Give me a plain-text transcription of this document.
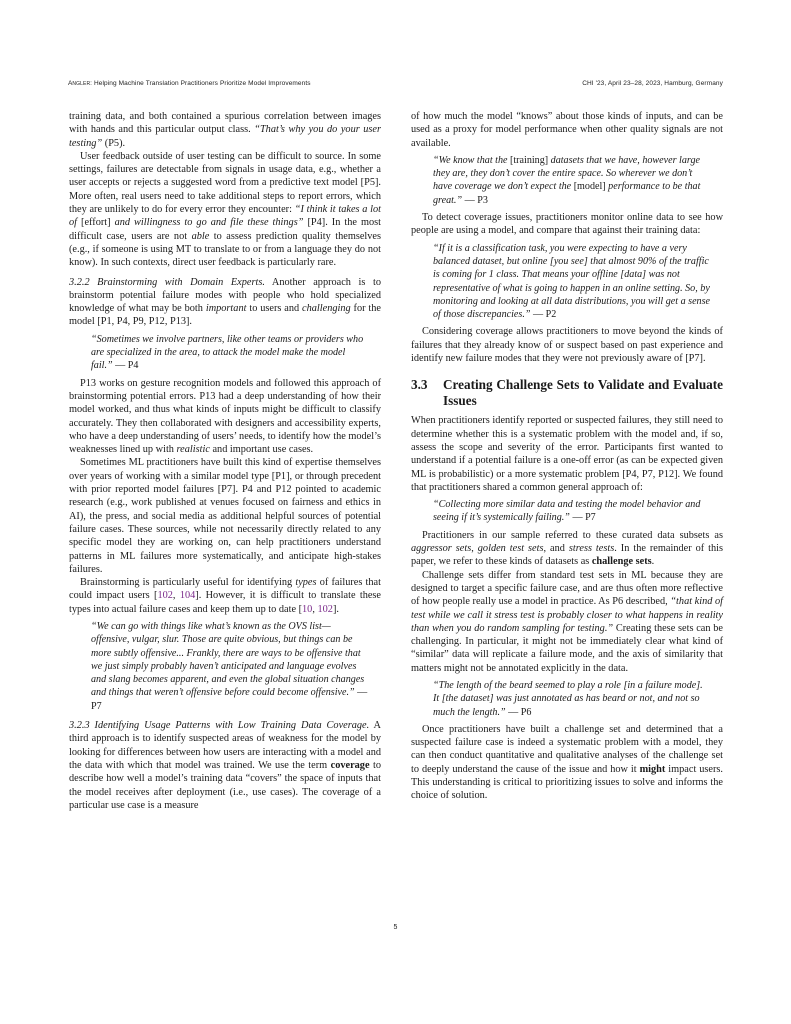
Angler: Helping Machine Translation Practitioners Prioritize Model Improvements	CHI '23, April 23–28, 2023, Hamburg, Germany

training data, and both contained a spurious correlation between images with hands and this particular output class. “That’s why you do your user testing” (P5).

User feedback outside of user testing can be difficult to source. In some settings, failures are detectable from signals in usage data, e.g., whether a user accepts or rejects a suggested word from a predictive text model [P5]. More often, real users need to take additional steps to report errors, which they are unlikely to do for every error they encounter: “I think it takes a lot of [effort] and willingness to go and file these things” [P4]. In the most difficult case, users are not able to assess prediction quality themselves (e.g., if someone is using MT to translate to or from a language they do not know). In such contexts, direct user feedback is particularly rare.

3.2.2 Brainstorming with Domain Experts. Another approach is to brainstorm potential failure modes with people who hold specialized knowledge of what may be both important to users and challenging for the model [P1, P4, P9, P12, P13].

“Sometimes we involve partners, like other teams or providers who are specialized in the area, to attack the model make the model fail.” — P4

P13 works on gesture recognition models and followed this approach of brainstorming potential errors. P13 had a deep understanding of how their model worked, and thus what kinds of inputs might be difficult to classify accurately. They then collaborated with designers and accessibility experts, who have a deep understanding of users’ needs, to identify how the model’s weaknesses lined up with realistic and important use cases.

Sometimes ML practitioners have built this kind of expertise themselves over years of working with a similar model type [P1], or through precedent with prior reported model failures [P7]. P4 and P12 pointed to academic research (e.g., work published at venues focused on fairness and ethics in AI), the press, and social media as additional helpful sources of potential failure cases. These sources, while not necessarily directly related to any specific model they are working on, can help practitioners understand patterns in ML failures more systematically, and anticipate high-stakes failures.

Brainstorming is particularly useful for identifying types of failures that could impact users [102, 104]. However, it is difficult to translate these types into actual failure cases and keep them up to date [10, 102].

“We can go with things like what’s known as the OVS list—offensive, vulgar, slur. Those are quite obvious, but things can be more subtly offensive... Frankly, there are ways to be offensive that we just simply probably haven’t anticipated and language evolves and slang becomes apparent, and even the global situation changes and things that weren’t offensive before could become offensive.” — P7

3.2.3 Identifying Usage Patterns with Low Training Data Coverage. A third approach is to identify suspected areas of weakness for the model by looking for differences between how users are interacting with a model and the data with which that model was trained. We use the term coverage to describe how well a model’s training data “covers” the space of inputs that the model receives after deployment (i.e., use cases). The coverage of a particular use case is a measure

of how much the model “knows” about those kinds of inputs, and can be used as a proxy for model performance when other quality signals are not available.

“We know that the [training] datasets that we have, however large they are, they don’t cover the entire space. So wherever we don’t have coverage we don’t expect the [model] performance to be that great.” — P3

To detect coverage issues, practitioners monitor online data to see how people are using a model, and compare that against their training data:

“If it is a classification task, you were expecting to have a very balanced dataset, but online [you see] that almost 90% of the traffic is coming for 1 class. That means your offline [data] was not representative of what is going to happen in an online setting. So, by monitoring and looking at all data distributions, you will get a sense of those discrepancies.” — P2

Considering coverage allows practitioners to move beyond the kinds of failures that they already know of or suspect based on past experience and identify new failure modes that they were not previously aware of [P7].

3.3	Creating Challenge Sets to Validate and Evaluate Issues

When practitioners identify reported or suspected failures, they still need to determine whether this is a systematic problem with the model and, if so, assess the scope and severity of the error. Participants first wanted to understand if a potential failure is a one-off error (as can be expected given ML is probabilistic) or a more systematic problem [P4, P7, P12]. We found that practitioners shared a common general approach of:

“Collecting more similar data and testing the model behavior and seeing if it’s systemically failing.” — P7

Practitioners in our sample referred to these curated data subsets as aggressor sets, golden test sets, and stress tests. In the remainder of this paper, we refer to these kinds of datasets as challenge sets.

Challenge sets differ from standard test sets in ML because they are designed to target a specific failure case, and are thus often more reflective of how people really use a model in practice. As P6 described, “that kind of test while we call it stress test is probably closer to what happens in reality than when you do random sampling for testing.” Creating these sets can be challenging. In particular, it might not be immediately clear what kind of “similar” data will replicate a failure mode, and the axis of similarity that matters might not be annotated explicitly in the data.

“The length of the beard seemed to play a role [in a failure mode]. It [the dataset] was just annotated as has beard or not, and not so much the length.” — P6

Once practitioners have built a challenge set and determined that a suspected failure case is indeed a systematic problem with a model, they can then conduct quantitative and qualitative analyses of the challenge set to deeply understand the cause of the issue and how it might impact users. This understanding is critical to prioritizing issues to solve and informs the choice of solution.

5
